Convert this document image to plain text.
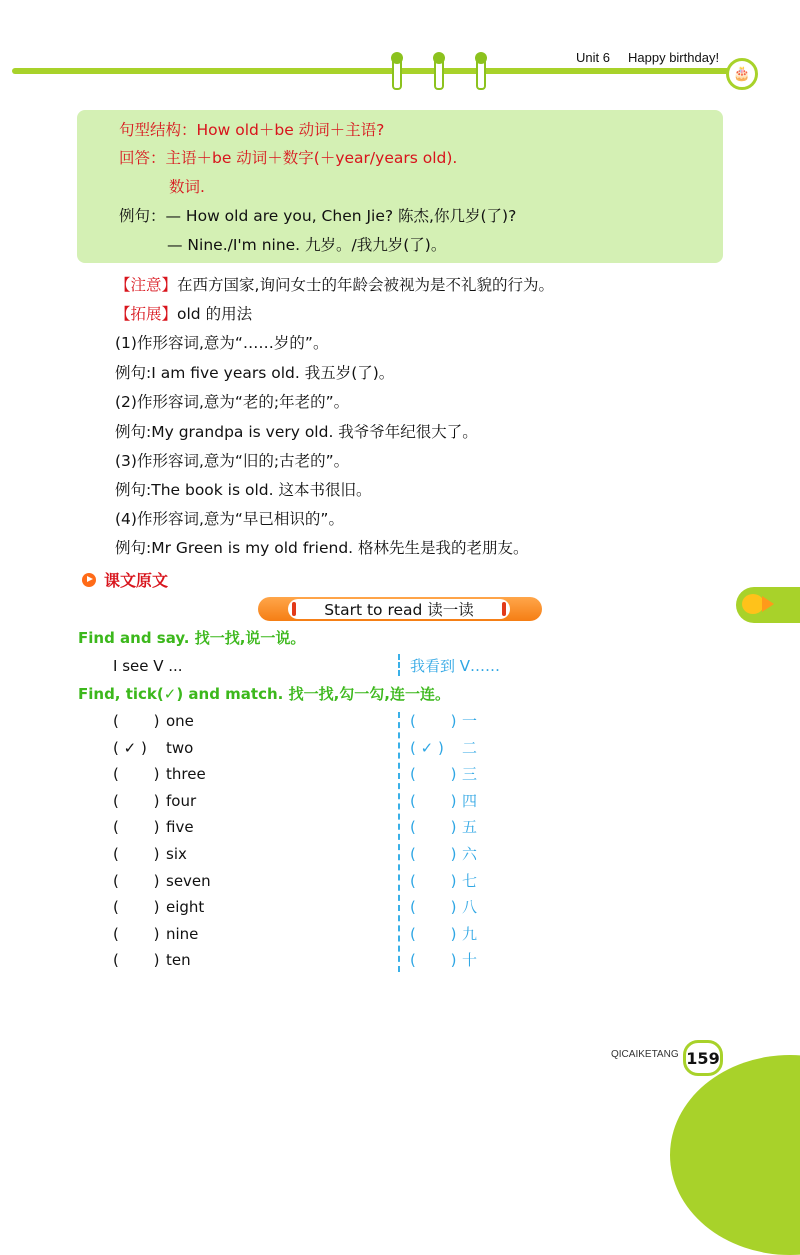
Unit 6 Happy birthday!
🎂
句型结构：How old＋be 动词＋主语?
回答：主语＋be 动词＋数字(＋year/years old).
数词.
例句：— How old are you, Chen Jie? 陈杰,你几岁(了)?
— Nine./I'm nine. 九岁。/我九岁(了)。
【注意】在西方国家,询问女士的年龄会被视为是不礼貌的行为。
【拓展】old 的用法
(1)作形容词,意为“……岁的”。
例句:I am five years old. 我五岁(了)。
(2)作形容词,意为“老的;年老的”。
例句:My grandpa is very old. 我爷爷年纪很大了。
(3)作形容词,意为“旧的;古老的”。
例句:The book is old. 这本书很旧。
(4)作形容词,意为“早已相识的”。
例句:Mr Green is my old friend. 格林先生是我的老朋友。
课文原文
Start to read 读一读
Find and say. 找一找,说一说。
I see V ...	我看到 V……
Find, tick(✓) and match. 找一找,勾一勾,连一连。
( 　　) one	( 　　) 一
( ✓ ) two	( ✓ ) 二
( 　　) three	( 　　) 三
( 　　) four	( 　　) 四
( 　　) five	( 　　) 五
( 　　) six	( 　　) 六
( 　　) seven	( 　　) 七
( 　　) eight	( 　　) 八
( 　　) nine	( 　　) 九
( 　　) ten	( 　　) 十
QICAIKETANG 159
